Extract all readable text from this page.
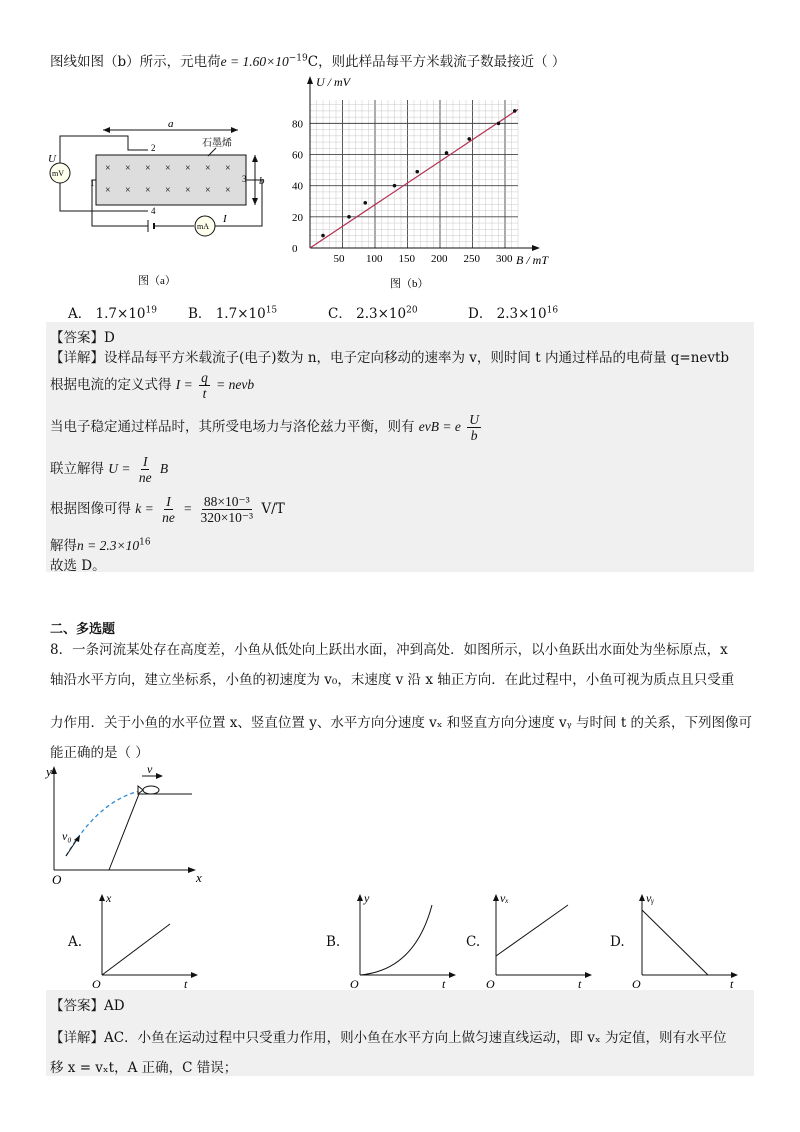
图线如图（b）所示，元电荷$e = 1.60\times 10^{-19}C$，则此样品每平方米载流子数最接近（ ）
a
石墨烯
× × × × × × ×
× × × × × × ×
b
2
1	3
4
mV
U
mA
I
图（a）
50 100 150 200 250 300
0
20
40
60
80
U / mV
B / mT
图（b）
A． $1.7\times 10^{19}$ B． $1.7\times 10^{15}$	C． $2.3\times 10^{20}$	D． $2.3\times 10^{16}$
【答案】D
【详解】设样品每平方米载流子(电子)数为 n，电子定向移动的速率为 v，则时间 t 内通过样品的电荷量 q=nevtb
根据电流的定义式得 $I = \frac{q}{t}$ = nevb
当电子稳定通过样品时，其所受电场力与洛伦兹力平衡，则有 evB = e $\frac{U}{b}$
联立解得 $U = \frac{I}{ne}$ B
根据图像可得 $k = \frac{I}{ne} = \frac{\text{88×10⁻³}}{\text{320×10⁻³}} V/T$
解得$n = 2.3\times 10^{16}$
故选 D。
二、多选题
8．一条河流某处存在高度差，小鱼从低处向上跃出水面，冲到高处．如图所示，以小鱼跃出水面处为坐标原点，x
轴沿水平方向，建立坐标系，小鱼的初速度为 v₀，末速度 v 沿 x 轴正方向．在此过程中，小鱼可视为质点且只受重
力作用．关于小鱼的水平位置 x、竖直位置 y、水平方向分速度 vₓ 和竖直方向分速度 vᵧ 与时间 t 的关系，下列图像可
能正确的是（ ）
y
x
O
v₀
v
A.
x
t
O
B.
y
t
O
C.
vₓ
t
O
D.
vᵧ
t
O
【答案】AD
【详解】AC．小鱼在运动过程中只受重力作用，则小鱼在水平方向上做匀速直线运动，即 vₓ 为定值，则有水平位
移 x = vₓt，A 正确，C 错误；
